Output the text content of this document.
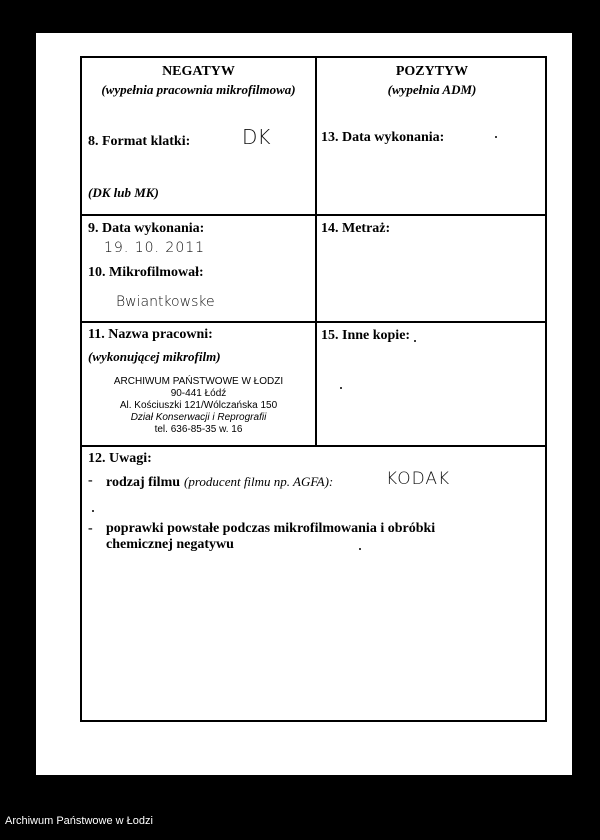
NEGATYW
(wypełnia pracownia mikrofilmowa)
8. Format klatki:	DK
(DK lub MK)
POZYTYW
(wypełnia ADM)
13. Data wykonania:
9. Data wykonania:
19. 10. 2011
10. Mikrofilmował:
Bwiantkowske
14. Metraż:
11. Nazwa pracowni:
(wykonującej mikrofilm)
ARCHIWUM PAŃSTWOWE W ŁODZI
90-441 Łódź
Al. Kościuszki 121/Wólczańska 150
Dział Konserwacji i Reprografii
tel. 636-85-35 w. 16
15. Inne kopie:
12. Uwagi:
- rodzaj filmu (producent filmu np. AGFA):	KODAK
- poprawki powstałe podczas mikrofilmowania i obróbki
chemicznej negatywu
Archiwum Państwowe w Łodzi
